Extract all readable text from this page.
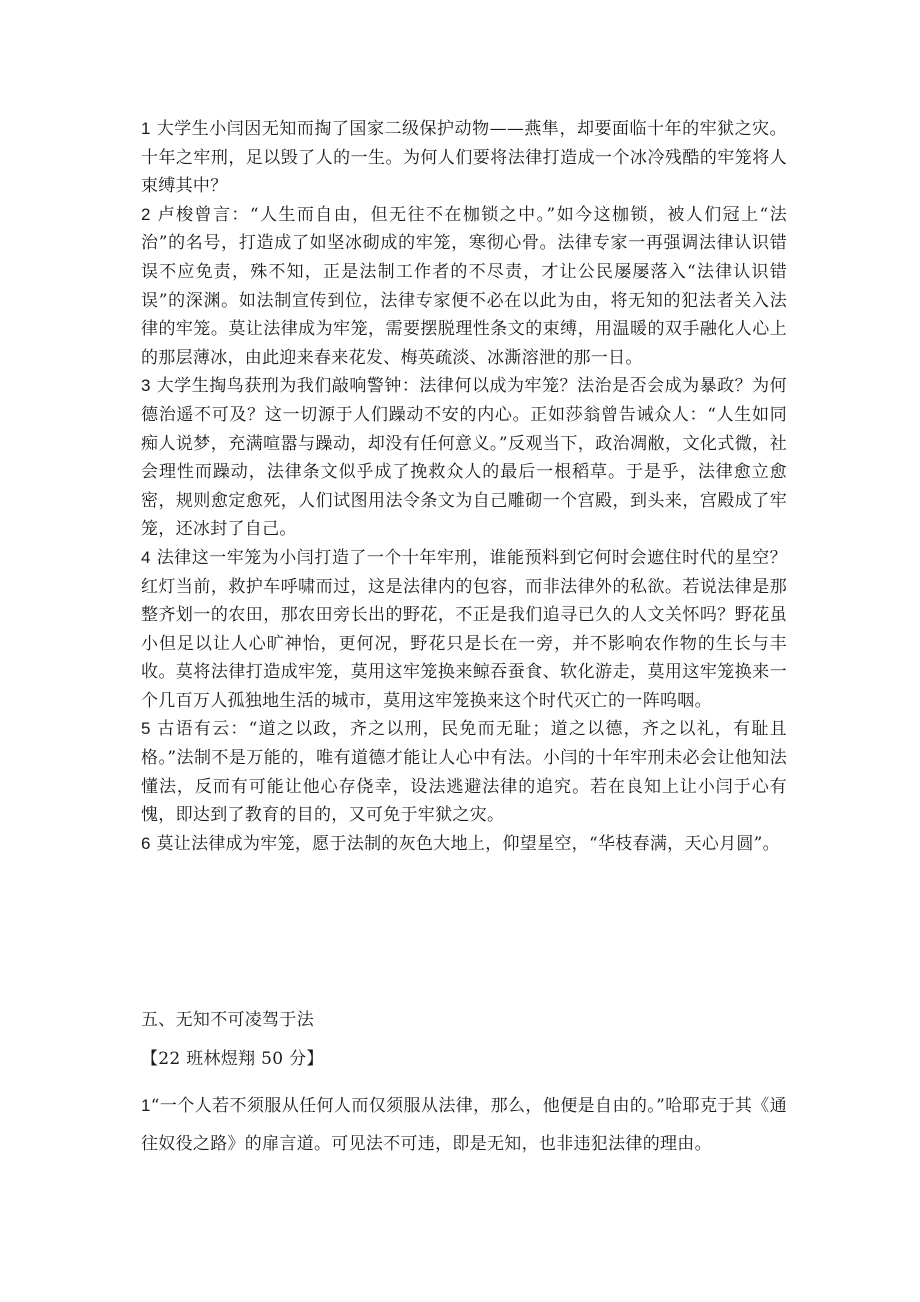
1 大学生小闫因无知而掏了国家二级保护动物——燕隼，却要面临十年的牢狱之灾。十年之牢刑，足以毁了人的一生。为何人们要将法律打造成一个冰冷残酷的牢笼将人束缚其中？

2 卢梭曾言：“人生而自由，但无往不在枷锁之中。”如今这枷锁，被人们冠上“法治”的名号，打造成了如坚冰砌成的牢笼，寒彻心骨。法律专家一再强调法律认识错误不应免责，殊不知，正是法制工作者的不尽责，才让公民屡屡落入“法律认识错误”的深渊。如法制宣传到位，法律专家便不必在以此为由，将无知的犯法者关入法律的牢笼。莫让法律成为牢笼，需要摆脱理性条文的束缚，用温暖的双手融化人心上的那层薄冰，由此迎来春来花发、梅英疏淡、冰澌溶泄的那一日。

3 大学生掏鸟获刑为我们敲响警钟：法律何以成为牢笼？法治是否会成为暴政？为何德治遥不可及？这一切源于人们躁动不安的内心。正如莎翁曾告诫众人：“人生如同痴人说梦，充满喧嚣与躁动，却没有任何意义。”反观当下，政治凋敝，文化式微，社会理性而躁动，法律条文似乎成了挽救众人的最后一根稻草。于是乎，法律愈立愈密，规则愈定愈死，人们试图用法令条文为自己雕砌一个宫殿，到头来，宫殿成了牢笼，还冰封了自己。

4 法律这一牢笼为小闫打造了一个十年牢刑，谁能预料到它何时会遮住时代的星空？红灯当前，救护车呼啸而过，这是法律内的包容，而非法律外的私欲。若说法律是那整齐划一的农田，那农田旁长出的野花，不正是我们追寻已久的人文关怀吗？野花虽小但足以让人心旷神怡，更何况，野花只是长在一旁，并不影响农作物的生长与丰收。莫将法律打造成牢笼，莫用这牢笼换来鲸吞蚕食、软化游走，莫用这牢笼换来一个几百万人孤独地生活的城市，莫用这牢笼换来这个时代灭亡的一阵呜咽。

5 古语有云：“道之以政，齐之以刑，民免而无耻；道之以德，齐之以礼，有耻且格。”法制不是万能的，唯有道德才能让人心中有法。小闫的十年牢刑未必会让他知法懂法，反而有可能让他心存侥幸，设法逃避法律的追究。若在良知上让小闫于心有愧，即达到了教育的目的，又可免于牢狱之灾。

6 莫让法律成为牢笼，愿于法制的灰色大地上，仰望星空，“华枝春满，天心月圆”。

五、无知不可凌驾于法

【22 班林煜翔 50 分】

1“一个人若不须服从任何人而仅须服从法律，那么，他便是自由的。”哈耶克于其《通往奴役之路》的扉言道。可见法不可违，即是无知，也非违犯法律的理由。
